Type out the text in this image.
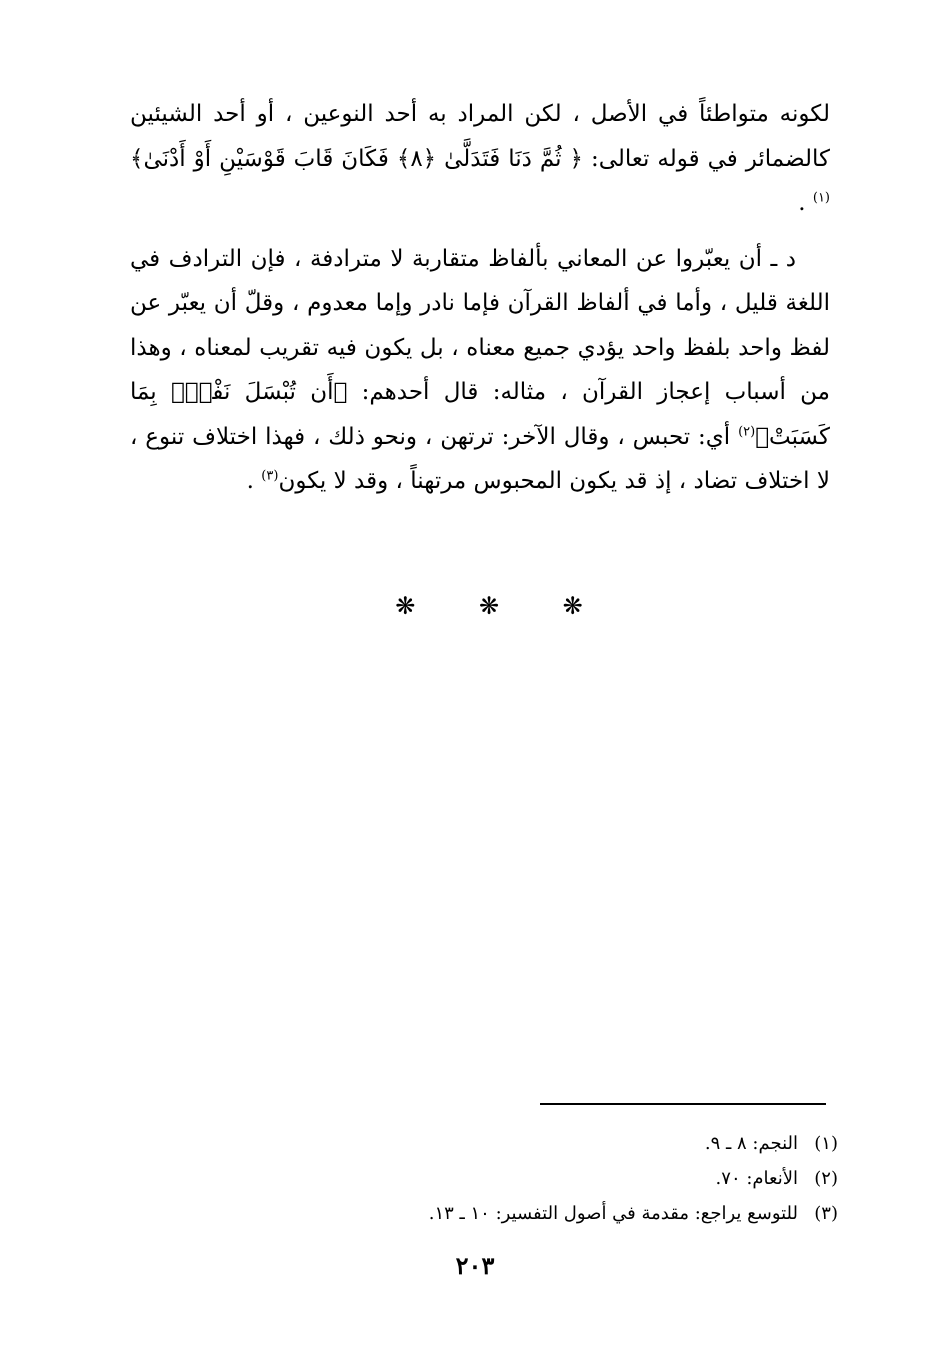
لكونه متواطئاً في الأصل ، لكن المراد به أحد النوعين ، أو أحد الشيئين كالضمائر في قوله تعالى: ﴿ ثُمَّ دَنَا فَتَدَلَّىٰ ﴿٨﴾ فَكَانَ قَابَ قَوْسَيْنِ أَوْ أَدْنَىٰ﴾$^{(١)}$ .

د ـ أن يعبّروا عن المعاني بألفاظ متقاربة لا مترادفة ، فإن الترادف في اللغة قليل ، وأما في ألفاظ القرآن فإما نادر وإما معدوم ، وقلّ أن يعبّر عن لفظ واحد بلفظ واحد يؤدي جميع معناه ، بل يكون فيه تقريب لمعناه ، وهذا من أسباب إعجاز القرآن ، مثاله: قال أحدهم: ﴿أَن تُبْسَلَ نَفْسٌۢ بِمَا كَسَبَتْ﴾$^{(٢)}$ أي: تحبس ، وقال الآخر: ترتهن ، ونحو ذلك ، فهذا اختلاف تنوع ، لا اختلاف تضاد ، إذ قد يكون المحبوس مرتهناً ، وقد لا يكون$^{(٣)}$ .

❋ ❋ ❋
(١)
النجم: ٨ ـ ٩.
(٢)
الأنعام: ٧٠.
(٣)
للتوسع يراجع: مقدمة في أصول التفسير: ١٠ ـ ١٣.
٢٠٣
